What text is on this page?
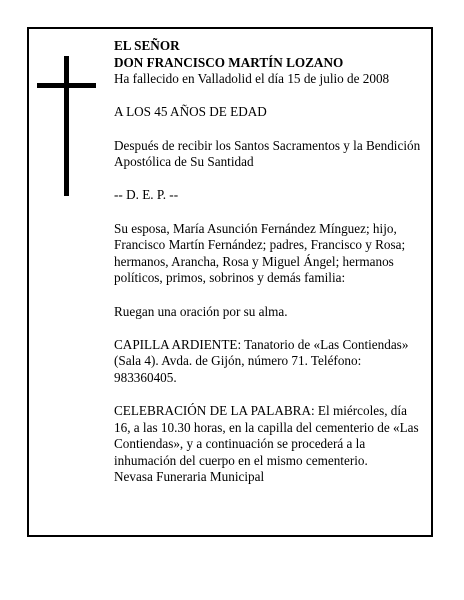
EL SEÑOR
DON FRANCISCO MARTÍN LOZANO
Ha fallecido en Valladolid el día 15 de julio de 2008

A LOS 45 AÑOS DE EDAD

Después de recibir los Santos Sacramentos y la Bendición Apostólica de Su Santidad

-- D. E. P. --

Su esposa, María Asunción Fernández Mínguez; hijo, Francisco Martín Fernández; padres, Francisco y Rosa; hermanos, Arancha, Rosa y Miguel Ángel; hermanos políticos, primos, sobrinos y demás familia:

Ruegan una oración por su alma.

CAPILLA ARDIENTE: Tanatorio de «Las Contiendas» (Sala 4). Avda. de Gijón, número 71. Teléfono: 983360405.

CELEBRACIÓN DE LA PALABRA: El miércoles, día 16, a las 10.30 horas, en la capilla del cementerio de «Las Contiendas», y a continuación se procederá a la inhumación del cuerpo en el mismo cementerio.

Nevasa Funeraria Municipal
